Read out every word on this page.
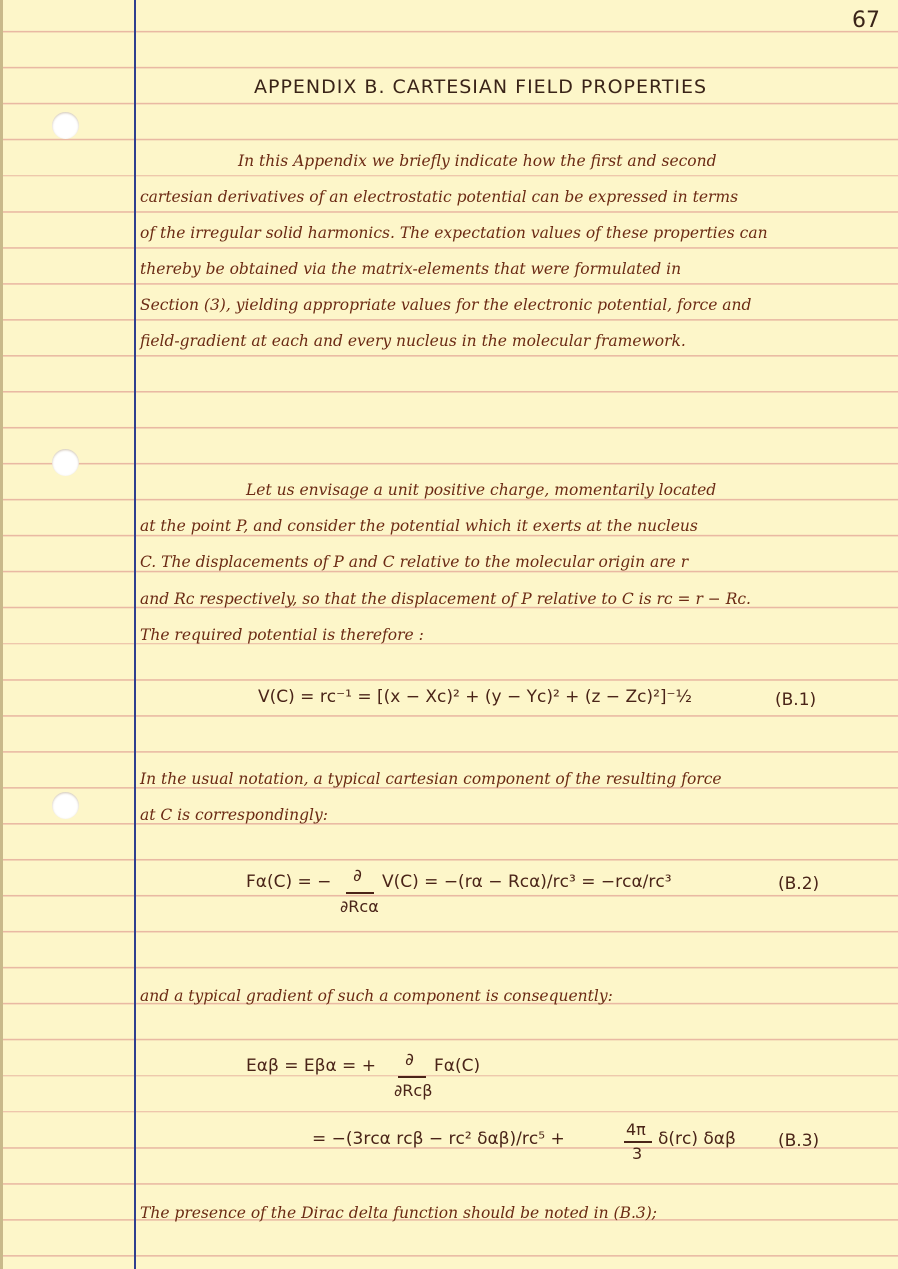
67
APPENDIX B. CARTESIAN FIELD PROPERTIES
In this Appendix we briefly indicate how the first and second
cartesian derivatives of an electrostatic potential can be expressed in terms
of the irregular solid harmonics. The expectation values of these properties can
thereby be obtained via the matrix-elements that were formulated in
Section (3), yielding appropriate values for the electronic potential, force and
field-gradient at each and every nucleus in the molecular framework.
Let us envisage a unit positive charge, momentarily located
at the point P, and consider the potential which it exerts at the nucleus
C. The displacements of P and C relative to the molecular origin are r
and Rᴄ respectively, so that the displacement of P relative to C is rᴄ = r − Rᴄ.
The required potential is therefore :
V(C) = rᴄ⁻¹ = [(x − Xᴄ)² + (y − Yᴄ)² + (z − Zᴄ)²]⁻½	(B.1)
In the usual notation, a typical cartesian component of the resulting force
at C is correspondingly:
Fα(C) = − ∂
∂Rᴄα
V(C) = −(rα − Rᴄα)/rᴄ³ = −rᴄα/rᴄ³	(B.2)
and a typical gradient of such a component is consequently:
Eαβ = Eβα = + ∂
∂Rᴄβ
Fα(C)
= −(3rᴄα rᴄβ − rᴄ² δαβ)/rᴄ⁵ +	4π
3
δ(rᴄ) δαβ (B.3)
The presence of the Dirac delta function should be noted in (B.3);
